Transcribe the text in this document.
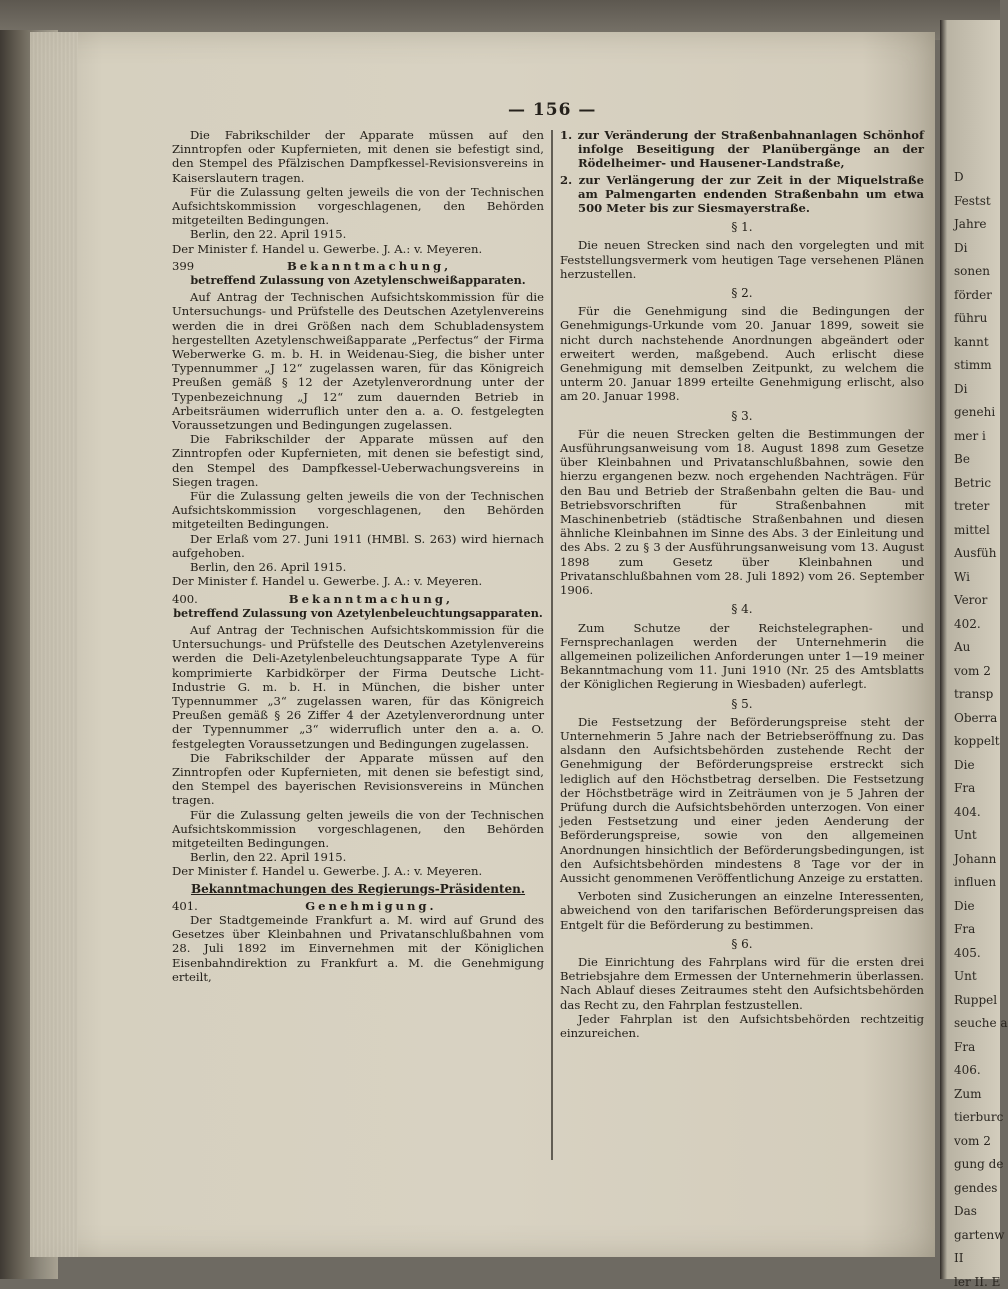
D
Festst
Jahre
Di
sonen
förder
führu
kannt
stimm
Di
genehi
mer i
Be
Betric
treter
mittel
Ausfüh
Wi
Veror
402.
Au
vom 2
transp
Oberra
koppelt
Die
Fra
404.
Unt
Johann
influen
Die
Fra
405.
Unt
Ruppel
seuche a
Fra
406.
Zum
tierburc
vom 2
gung de
gendes
Das
gartenw
II
ler II. E
— 156 —

Die Fabrikschilder der Apparate müssen auf den Zinntropfen oder Kupfernieten, mit denen sie befestigt sind, den Stempel des Pfälzischen Dampfkessel-Revisionsvereins in Kaiserslautern tragen.

Für die Zulassung gelten jeweils die von der Technischen Aufsichtskommission vorgeschlagenen, den Behörden mitgeteilten Bedingungen.

Berlin, den 22. April 1915.

Der Minister f. Handel u. Gewerbe. J. A.: v. Meyeren.

399	Bekanntmachung,
betreffend Zulassung von Azetylenschweißapparaten.

Auf Antrag der Technischen Aufsichtskommission für die Untersuchungs- und Prüfstelle des Deutschen Azetylenvereins werden die in drei Größen nach dem Schubladensystem hergestellten Azetylenschweißapparate „Perfectus“ der Firma Weberwerke G. m. b. H. in Weidenau-Sieg, die bisher unter Typennummer „J 12“ zugelassen waren, für das Königreich Preußen gemäß § 12 der Azetylenverordnung unter der Typenbezeichnung „J 12“ zum dauernden Betrieb in Arbeitsräumen widerruflich unter den a. a. O. festgelegten Voraussetzungen und Bedingungen zugelassen.

Die Fabrikschilder der Apparate müssen auf den Zinntropfen oder Kupfernieten, mit denen sie befestigt sind, den Stempel des Dampfkessel-Ueberwachungsvereins in Siegen tragen.

Für die Zulassung gelten jeweils die von der Technischen Aufsichtskommission vorgeschlagenen, den Behörden mitgeteilten Bedingungen.

Der Erlaß vom 27. Juni 1911 (HMBl. S. 263) wird hiernach aufgehoben.

Berlin, den 26. April 1915.

Der Minister f. Handel u. Gewerbe. J. A.: v. Meyeren.

400.	Bekanntmachung,
betreffend Zulassung von Azetylenbeleuchtungsapparaten.

Auf Antrag der Technischen Aufsichtskommission für die Untersuchungs- und Prüfstelle des Deutschen Azetylenvereins werden die Deli-Azetylenbeleuchtungsapparate Type A für komprimierte Karbidkörper der Firma Deutsche Licht-Industrie G. m. b. H. in München, die bisher unter Typennummer „3“ zugelassen waren, für das Königreich Preußen gemäß § 26 Ziffer 4 der Azetylenverordnung unter der Typennummer „3“ widerruflich unter den a. a. O. festgelegten Voraussetzungen und Bedingungen zugelassen.

Die Fabrikschilder der Apparate müssen auf den Zinntropfen oder Kupfernieten, mit denen sie befestigt sind, den Stempel des bayerischen Revisionsvereins in München tragen.

Für die Zulassung gelten jeweils die von der Technischen Aufsichtskommission vorgeschlagenen, den Behörden mitgeteilten Bedingungen.

Berlin, den 22. April 1915.

Der Minister f. Handel u. Gewerbe. J. A.: v. Meyeren.

Bekanntmachungen des Regierungs-Präsidenten.
401.	Genehmigung.

Der Stadtgemeinde Frankfurt a. M. wird auf Grund des Gesetzes über Kleinbahnen und Privatanschlußbahnen vom 28. Juli 1892 im Einvernehmen mit der Königlichen Eisenbahndirektion zu Frankfurt a. M. die Genehmigung erteilt,

1. zur Veränderung der Straßenbahnanlagen Schönhof infolge Beseitigung der Planübergänge an der Rödelheimer- und Hausener-Landstraße,

2. zur Verlängerung der zur Zeit in der Miquelstraße am Palmengarten endenden Straßenbahn um etwa 500 Meter bis zur Siesmayerstraße.

§ 1.

Die neuen Strecken sind nach den vorgelegten und mit Feststellungsvermerk vom heutigen Tage versehenen Plänen herzustellen.

§ 2.

Für die Genehmigung sind die Bedingungen der Genehmigungs-Urkunde vom 20. Januar 1899, soweit sie nicht durch nachstehende Anordnungen abgeändert oder erweitert werden, maßgebend. Auch erlischt diese Genehmigung mit demselben Zeitpunkt, zu welchem die unterm 20. Januar 1899 erteilte Genehmigung erlischt, also am 20. Januar 1998.

§ 3.

Für die neuen Strecken gelten die Bestimmungen der Ausführungsanweisung vom 18. August 1898 zum Gesetze über Kleinbahnen und Privatanschlußbahnen, sowie den hierzu ergangenen bezw. noch ergehenden Nachträgen. Für den Bau und Betrieb der Straßenbahn gelten die Bau- und Betriebsvorschriften für Straßenbahnen mit Maschinenbetrieb (städtische Straßenbahnen und diesen ähnliche Kleinbahnen im Sinne des Abs. 3 der Einleitung und des Abs. 2 zu § 3 der Ausführungsanweisung vom 13. August 1898 zum Gesetz über Kleinbahnen und Privatanschlußbahnen vom 28. Juli 1892) vom 26. September 1906.

§ 4.

Zum Schutze der Reichstelegraphen- und Fernsprechanlagen werden der Unternehmerin die allgemeinen polizeilichen Anforderungen unter 1—19 meiner Bekanntmachung vom 11. Juni 1910 (Nr. 25 des Amtsblatts der Königlichen Regierung in Wiesbaden) auferlegt.

§ 5.

Die Festsetzung der Beförderungspreise steht der Unternehmerin 5 Jahre nach der Betriebseröffnung zu. Das alsdann den Aufsichtsbehörden zustehende Recht der Genehmigung der Beförderungspreise erstreckt sich lediglich auf den Höchstbetrag derselben. Die Festsetzung der Höchstbeträge wird in Zeiträumen von je 5 Jahren der Prüfung durch die Aufsichtsbehörden unterzogen. Von einer jeden Festsetzung und einer jeden Aenderung der Beförderungspreise, sowie von den allgemeinen Anordnungen hinsichtlich der Beförderungsbedingungen, ist den Aufsichtsbehörden mindestens 8 Tage vor der in Aussicht genommenen Veröffentlichung Anzeige zu erstatten.

Verboten sind Zusicherungen an einzelne Interessenten, abweichend von den tarifarischen Beförderungspreisen das Entgelt für die Beförderung zu bestimmen.

§ 6.

Die Einrichtung des Fahrplans wird für die ersten drei Betriebsjahre dem Ermessen der Unternehmerin überlassen. Nach Ablauf dieses Zeitraumes steht den Aufsichtsbehörden das Recht zu, den Fahrplan festzustellen.

Jeder Fahrplan ist den Aufsichtsbehörden rechtzeitig einzureichen.
